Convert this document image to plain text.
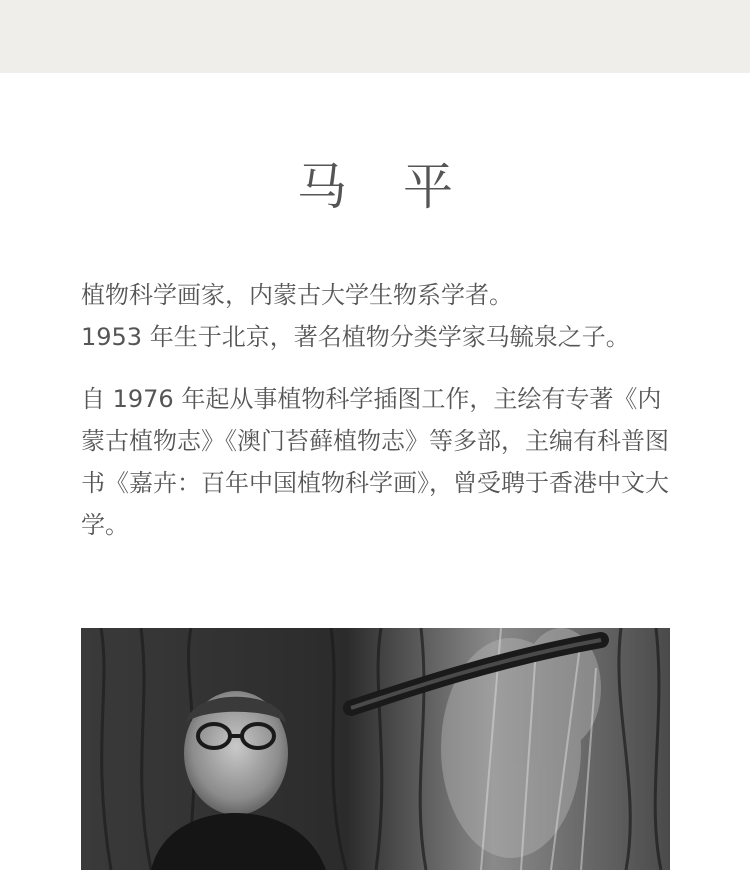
马 平

植物科学画家，内蒙古大学生物系学者。

1953 年生于北京，著名植物分类学家马毓泉之子。

自 1976 年起从事植物科学插图工作，主绘有专著《内蒙古植物志》《澳门苔藓植物志》等多部，主编有科普图书《嘉卉：百年中国植物科学画》，曾受聘于香港中文大学。
